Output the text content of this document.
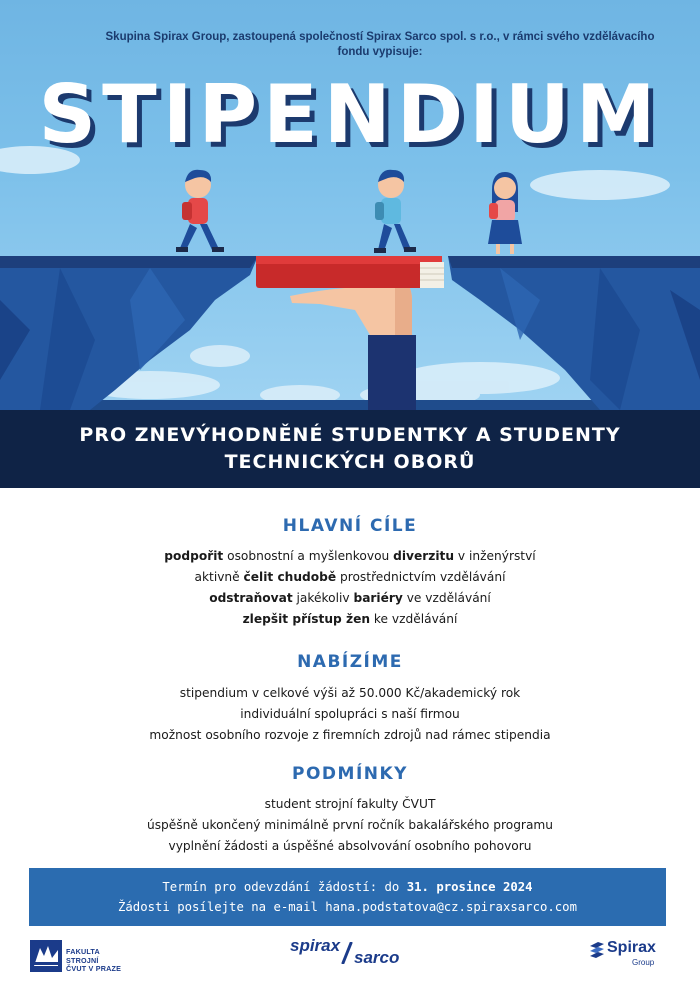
Skupina Spirax Group, zastoupená společností Spirax Sarco spol. s r.o., v rámci svého vzdělávacího
fondu vypisuje:
STIPENDIUM
PRO ZNEVÝHODNĚNÉ STUDENTKY A STUDENTY
TECHNICKÝCH OBORŮ
HLAVNÍ CÍLE
podpořit osobnostní a myšlenkovou diverzitu v inženýrství
aktivně čelit chudobě prostřednictvím vzdělávání
odstraňovat jakékoliv bariéry ve vzdělávání
zlepšit přístup žen ke vzdělávání
NABÍZÍME
stipendium v celkové výši až 50.000 Kč/akademický rok
individuální spolupráci s naší firmou
možnost osobního rozvoje z firemních zdrojů nad rámec stipendia
PODMÍNKY
student strojní fakulty ČVUT
úspěšně ukončený minimálně první ročník bakalářského programu
vyplnění žádosti a úspěšné absolvování osobního pohovoru
Termín pro odevzdání žádostí: do 31. prosince 2024
Žádosti posílejte na e-mail hana.podstatova@cz.spiraxsarco.com
FAKULTA
STROJNÍ
ČVUT V PRAZE
spirax
sarco
Spirax
Group
